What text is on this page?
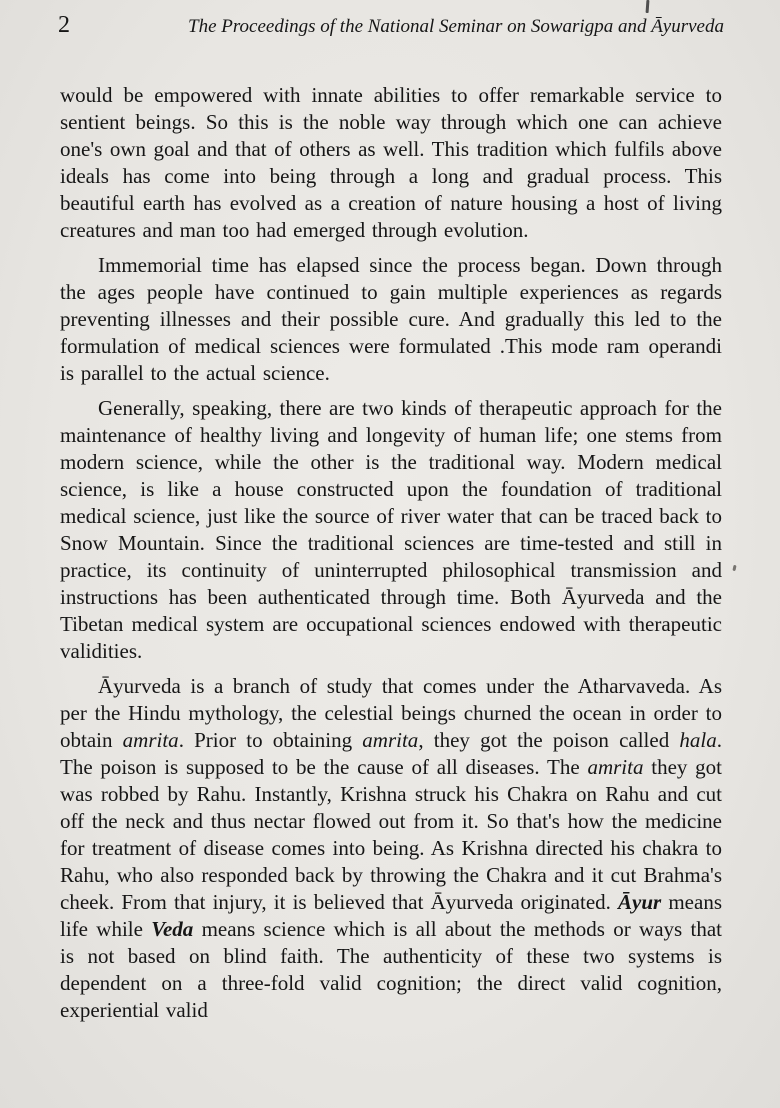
2	The Proceedings of the National Seminar on Sowarigpa and Āyurveda

would be empowered with innate abilities to offer remarkable service to sentient beings. So this is the noble way through which one can achieve one's own goal and that of others as well. This tradition which fulfils above ideals has come into being through a long and gradual process. This beautiful earth has evolved as a creation of nature housing a host of living creatures and man too had emerged through evolution.

Immemorial time has elapsed since the process began. Down through the ages people have continued to gain multiple experiences as regards preventing illnesses and their possible cure. And gradually this led to the formulation of medical sciences were formulated .This mode ram operandi is parallel to the actual science.

Generally, speaking, there are two kinds of therapeutic approach for the maintenance of healthy living and longevity of human life; one stems from modern science, while the other is the traditional way. Modern medical science, is like a house constructed upon the foundation of traditional medical science, just like the source of river water that can be traced back to Snow Mountain. Since the traditional sciences are time-tested and still in practice, its continuity of uninterrupted philosophical transmission and instructions has been authenticated through time. Both Āyurveda and the Tibetan medical system are occupational sciences endowed with therapeutic validities.

Āyurveda is a branch of study that comes under the Atharvaveda. As per the Hindu mythology, the celestial beings churned the ocean in order to obtain amrita. Prior to obtaining amrita, they got the poison called hala. The poison is supposed to be the cause of all diseases. The amrita they got was robbed by Rahu. Instantly, Krishna struck his Chakra on Rahu and cut off the neck and thus nectar flowed out from it. So that's how the medicine for treatment of disease comes into being. As Krishna directed his chakra to Rahu, who also responded back by throwing the Chakra and it cut Brahma's cheek. From that injury, it is believed that Āyurveda originated. Āyur means life while Veda means science which is all about the methods or ways that is not based on blind faith. The authenticity of these two systems is dependent on a three-fold valid cognition; the direct valid cognition, experiential valid
